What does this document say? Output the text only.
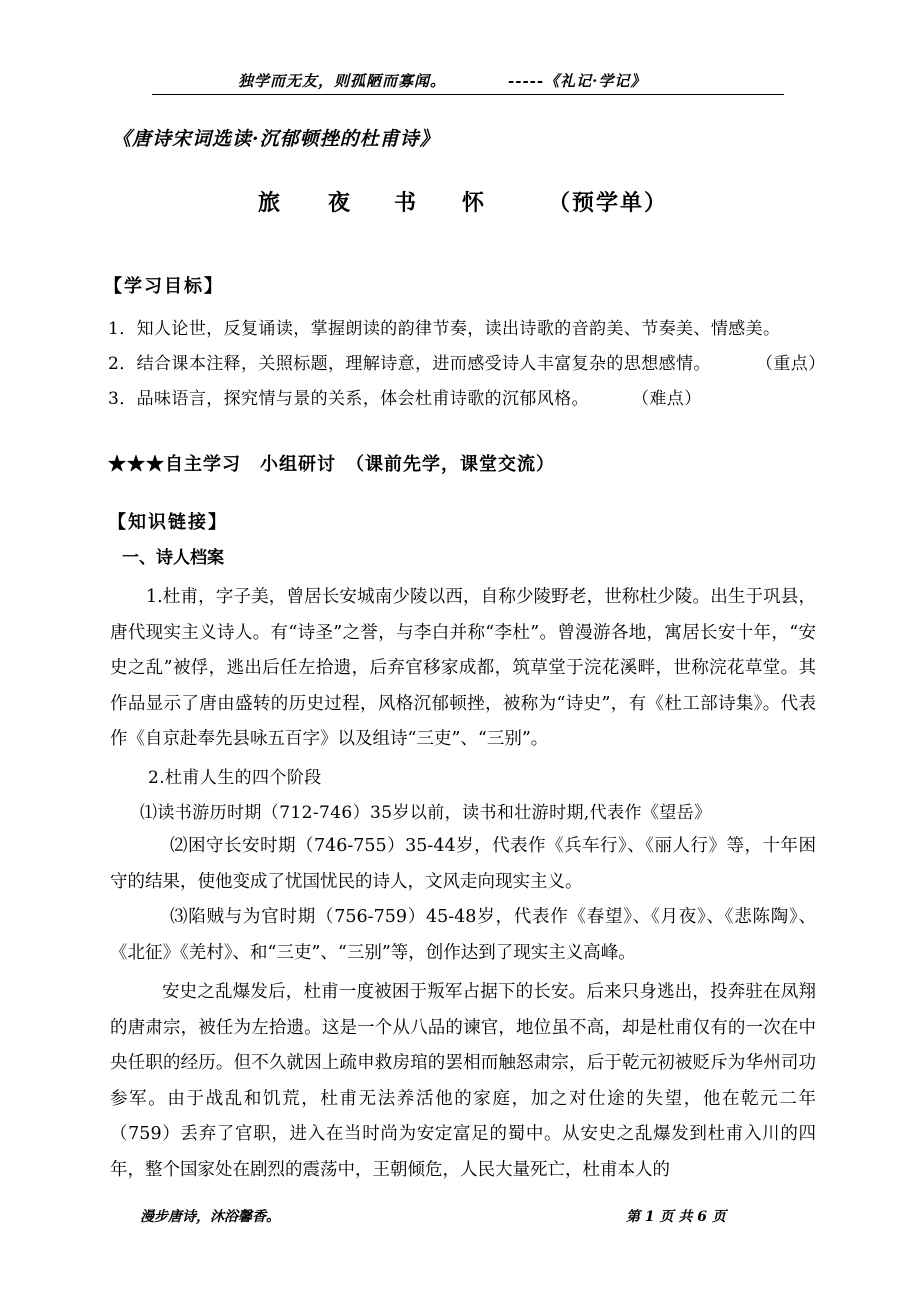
独学而无友，则孤陋而寡闻。	-----《礼记·学记》
《唐诗宋词选读·沉郁顿挫的杜甫诗》
旅 夜 书 怀	（预学单）
【学习目标】
1．知人论世，反复诵读，掌握朗读的韵律节奏，读出诗歌的音韵美、节奏美、情感美。
2．结合课本注释，关照标题，理解诗意，进而感受诗人丰富复杂的思想感情。	（重点）
3．品味语言，探究情与景的关系，体会杜甫诗歌的沉郁风格。	（难点）
★★★自主学习　小组研讨　（课前先学，课堂交流）
【知识链接】
一、诗人档案
1.杜甫，字子美，曾居长安城南少陵以西，自称少陵野老，世称杜少陵。出生于巩县，唐代现实主义诗人。有“诗圣”之誉，与李白并称“李杜”。曾漫游各地，寓居长安十年，“安史之乱”被俘，逃出后任左拾遗，后弃官移家成都，筑草堂于浣花溪畔，世称浣花草堂。其作品显示了唐由盛转的历史过程，风格沉郁顿挫，被称为“诗史”，有《杜工部诗集》。代表作《自京赴奉先县咏五百字》以及组诗“三吏”、“三别”。
2.杜甫人生的四个阶段
⑴读书游历时期（712-746）35岁以前，读书和壮游时期,代表作《望岳》
⑵困守长安时期（746-755）35-44岁，代表作《兵车行》、《丽人行》等，十年困守的结果，使他变成了忧国忧民的诗人，文风走向现实主义。
⑶陷贼与为官时期（756-759）45-48岁，代表作《春望》、《月夜》、《悲陈陶》、《北征》《羌村》、和“三吏”、“三别”等，创作达到了现实主义高峰。
安史之乱爆发后，杜甫一度被困于叛军占据下的长安。后来只身逃出，投奔驻在凤翔的唐肃宗，被任为左拾遗。这是一个从八品的谏官，地位虽不高，却是杜甫仅有的一次在中央任职的经历。但不久就因上疏申救房琯的罢相而触怒肃宗，后于乾元初被贬斥为华州司功参军。由于战乱和饥荒，杜甫无法养活他的家庭，加之对仕途的失望，他在乾元二年（759）丢弃了官职，进入在当时尚为安定富足的蜀中。从安史之乱爆发到杜甫入川的四年，整个国家处在剧烈的震荡中，王朝倾危，人民大量死亡，杜甫本人的
漫步唐诗，沐浴馨香。	第 1 页 共 6 页
